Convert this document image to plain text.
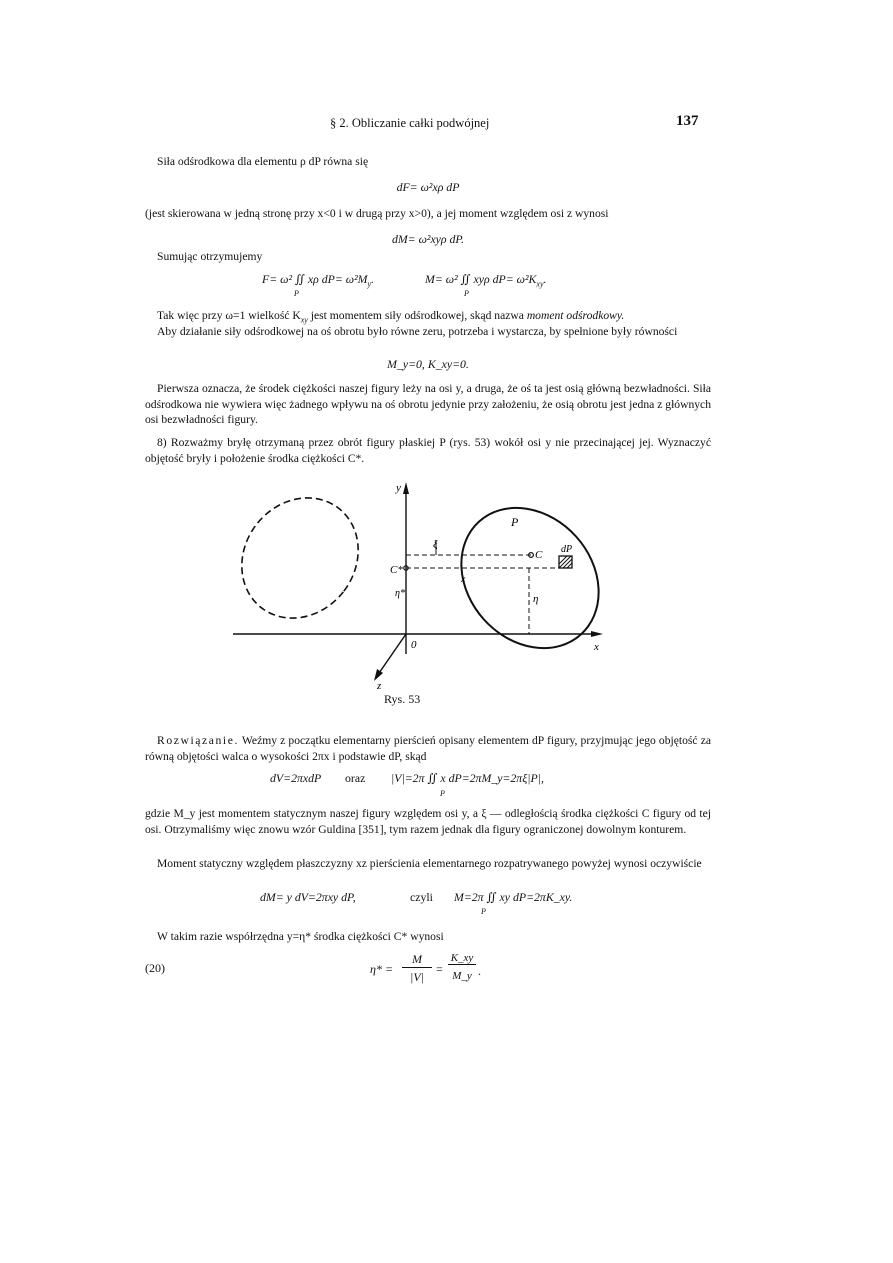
§ 2. Obliczanie całki podwójnej	137

Siła odśrodkowa dla elementu ρ dP równa się

dF= ω²xρ dP

(jest skierowana w jedną stronę przy x<0 i w drugą przy x>0), a jej moment względem osi z wynosi

dM= ω²xyρ dP.

Sumując otrzymujemy

F= ω² ∬ xρ $dP= \omega^2M_y$.	M= ω² ∬ xyρ $dP= \omega^2K_{xy}$.
P	P

Tak więc przy ω=1 wielkość $K_{xy}$ jest momentem siły odśrodkowej, skąd nazwa moment odśrodkowy.

Aby działanie siły odśrodkowej na oś obrotu było równe zeru, potrzeba i wystarcza, by spełnione były równości

M_y=0, K_xy=0.

Pierwsza oznacza, że środek ciężkości naszej figury leży na osi y, a druga, że oś ta jest osią główną bezwładności. Siła odśrodkowa nie wywiera więc żadnego wpływu na oś obrotu jedynie przy założeniu, że osią obrotu jest jedna z głównych osi bezwładności figury.

8) Rozważmy bryłę otrzymaną przez obrót figury płaskiej P (rys. 53) wokół osi y nie przecinającej jej. Wyznaczyć objętość bryły i położenie środka ciężkości C*.

y
x
z
0
P
C
C*
dP
ξ
x
η
η*
Rys. 53

Rozwiązanie. Weźmy z początku elementarny pierścień opisany elementem dP figury, przyjmując jego objętość za równą objętości walca o wysokości 2πx i podstawie dP, skąd

dV=2πxdP oraz |V|=2π ∬ x dP=2πM_y=2πξ|P|,
P

gdzie M_y jest momentem statycznym naszej figury względem osi y, a ξ — odległością środka ciężkości C figury od tej osi. Otrzymaliśmy więc znowu wzór Guldina [351], tym razem jednak dla figury ograniczonej dowolnym konturem.

Moment statyczny względem płaszczyzny xz pierścienia elementarnego rozpatrywanego powyżej wynosi oczywiście

dM= y dV=2πxy dP,	czyli M=2π ∬ xy dP=2πK_xy.
P

W takim razie współrzędna y=η* środka ciężkości C* wynosi

(20)	η* =
M
|V|
=
K_xy
M_y .
